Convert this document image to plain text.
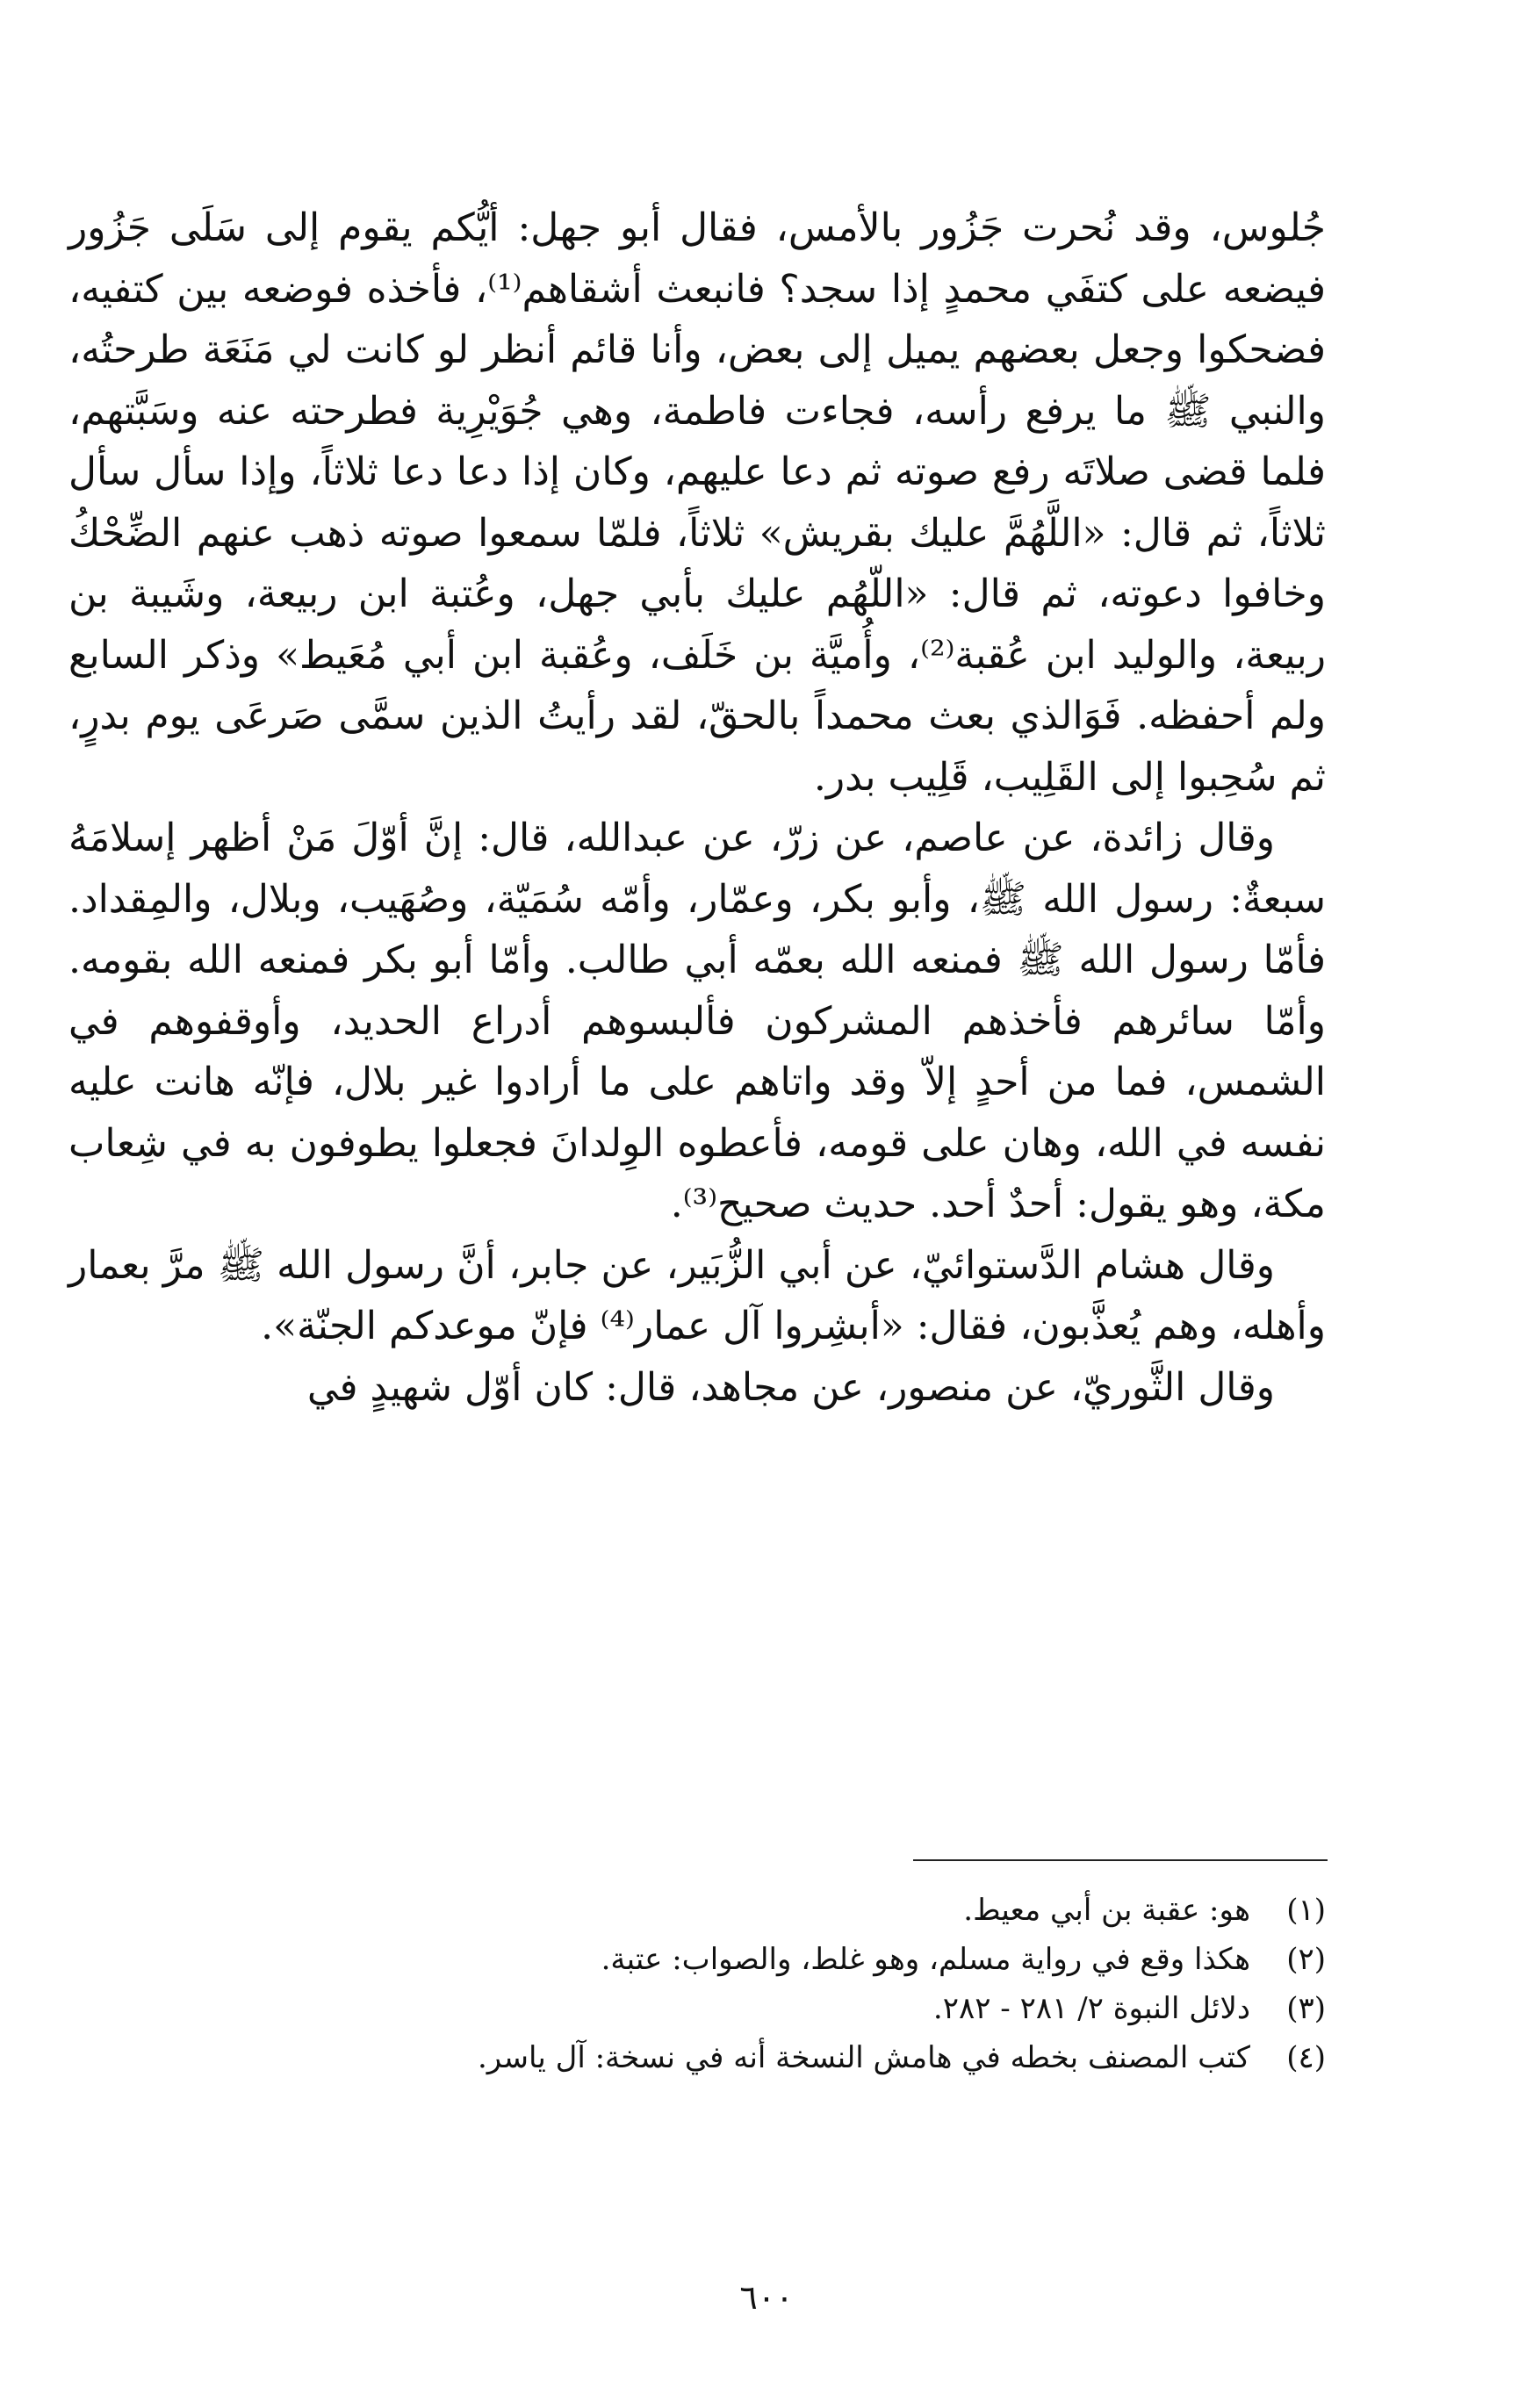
جُلوس، وقد نُحرت جَزُور بالأمس، فقال أبو جهل: أيُّكم يقوم إلى سَلَى جَزُور فيضعه على كتفَي محمدٍ إذا سجد؟ فانبعث أشقاهم⁽¹⁾، فأخذه فوضعه بين كتفيه، فضحكوا وجعل بعضهم يميل إلى بعض، وأنا قائم أنظر لو كانت لي مَنَعَة طرحتُه، والنبي ﷺ ما يرفع رأسه، فجاءت فاطمة، وهي جُوَيْرِية فطرحته عنه وسَبَّتهم، فلما قضى صلاتَه رفع صوته ثم دعا عليهم، وكان إذا دعا دعا ثلاثاً، وإذا سأل سأل ثلاثاً، ثم قال: «اللَّهُمَّ عليك بقريش» ثلاثاً، فلمّا سمعوا صوته ذهب عنهم الضِّحْكُ وخافوا دعوته، ثم قال: «اللّهُم عليك بأبي جهل، وعُتبة ابن ربيعة، وشَيبة بن ربيعة، والوليد ابن عُقبة⁽²⁾، وأُميَّة بن خَلَف، وعُقبة ابن أبي مُعَيط» وذكر السابع ولم أحفظه. فَوَالذي بعث محمداً بالحقّ، لقد رأيتُ الذين سمَّى صَرعَى يوم بدرٍ، ثم سُحِبوا إلى القَلِيب، قَلِيب بدر.

وقال زائدة، عن عاصم، عن زرّ، عن عبدالله، قال: إنَّ أوّلَ مَنْ أظهر إسلامَهُ سبعةٌ: رسول الله ﷺ، وأبو بكر، وعمّار، وأمّه سُمَيّة، وصُهَيب، وبلال، والمِقداد. فأمّا رسول الله ﷺ فمنعه الله بعمّه أبي طالب. وأمّا أبو بكر فمنعه الله بقومه. وأمّا سائرهم فأخذهم المشركون فألبسوهم أدراع الحديد، وأوقفوهم في الشمس، فما من أحدٍ إلاّ وقد واتاهم على ما أرادوا غير بلال، فإنّه هانت عليه نفسه في الله، وهان على قومه، فأعطوه الوِلدانَ فجعلوا يطوفون به في شِعاب مكة، وهو يقول: أحدٌ أحد. حديث صحيح⁽³⁾.

وقال هشام الدَّستوائيّ، عن أبي الزُّبَير، عن جابر، أنَّ رسول الله ﷺ مرَّ بعمار وأهله، وهم يُعذَّبون، فقال: «أبشِروا آل عمار⁽⁴⁾ فإنّ موعدكم الجنّة».

وقال الثَّوريّ، عن منصور، عن مجاهد، قال: كان أوّل شهيدٍ في

(١)
هو: عقبة بن أبي معيط.
(٢)
هكذا وقع في رواية مسلم، وهو غلط، والصواب: عتبة.
(٣)
دلائل النبوة ٢/ ٢٨١ - ٢٨٢.
(٤)
كتب المصنف بخطه في هامش النسخة أنه في نسخة: آل ياسر.
٦٠٠
